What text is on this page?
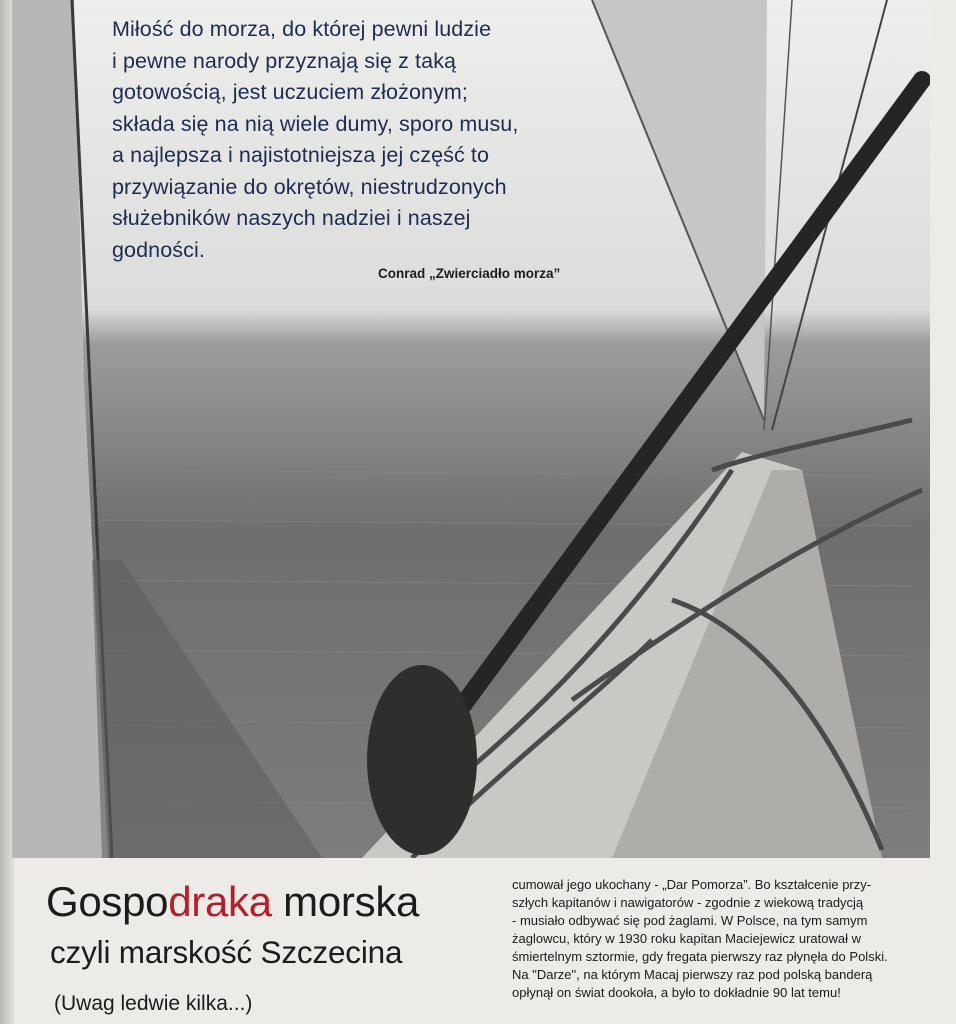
Miłość do morza, do której pewni ludzie
i pewne narody przyznają się z taką
gotowością, jest uczuciem złożonym;
składa się na nią wiele dumy, sporo musu,
a najlepsza i najistotniejsza jej część to
przywiązanie do okrętów, niestrudzonych
służebników naszych nadziei i naszej
godności.

Conrad „Zwierciadło morza”

Gospodraka morska
czyli marskość Szczecina

(Uwag ledwie kilka...)

cumował jego ukochany - „Dar Pomorza”. Bo kształcenie przy-
szłych kapitanów i nawigatorów - zgodnie z wiekową tradycją
- musiało odbywać się pod żaglami. W Polsce, na tym samym
żaglowcu, który w 1930 roku kapitan Maciejewicz uratował w
śmiertelnym sztormie, gdy fregata pierwszy raz płynęła do Polski.
Na "Darze", na którym Macaj pierwszy raz pod polską banderą
opłynął on świat dookoła, a było to dokładnie 90 lat temu!
